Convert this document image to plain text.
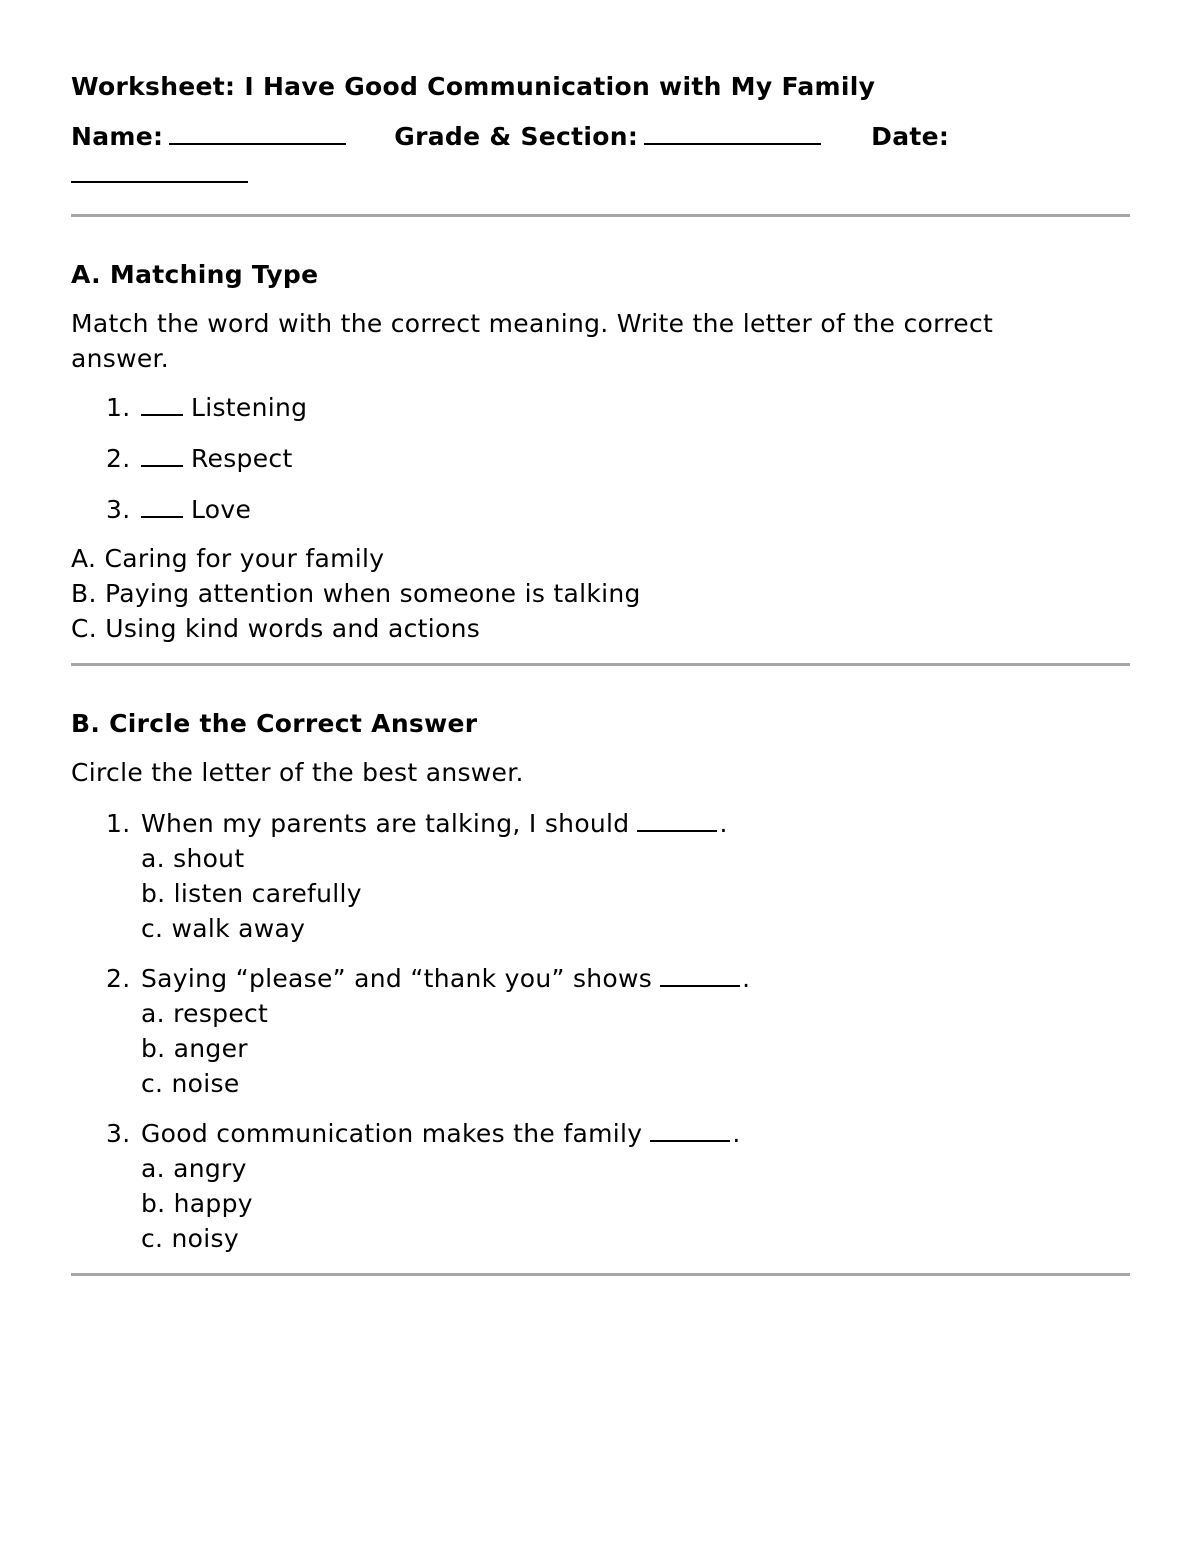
Worksheet: I Have Good Communication with My Family
Name:	Grade & Section:	Date:

A. Matching Type
Match the word with the correct meaning. Write the letter of the correct answer.
1. Listening
2. Respect
3. Love
A. Caring for your family
B. Paying attention when someone is talking
C. Using kind words and actions
B. Circle the Correct Answer
Circle the letter of the best answer.
1. When my parents are talking, I should	.
a. shout
b. listen carefully
c. walk away
2. Saying “please” and “thank you” shows	.
a. respect
b. anger
c. noise
3. Good communication makes the family	.
a. angry
b. happy
c. noisy
